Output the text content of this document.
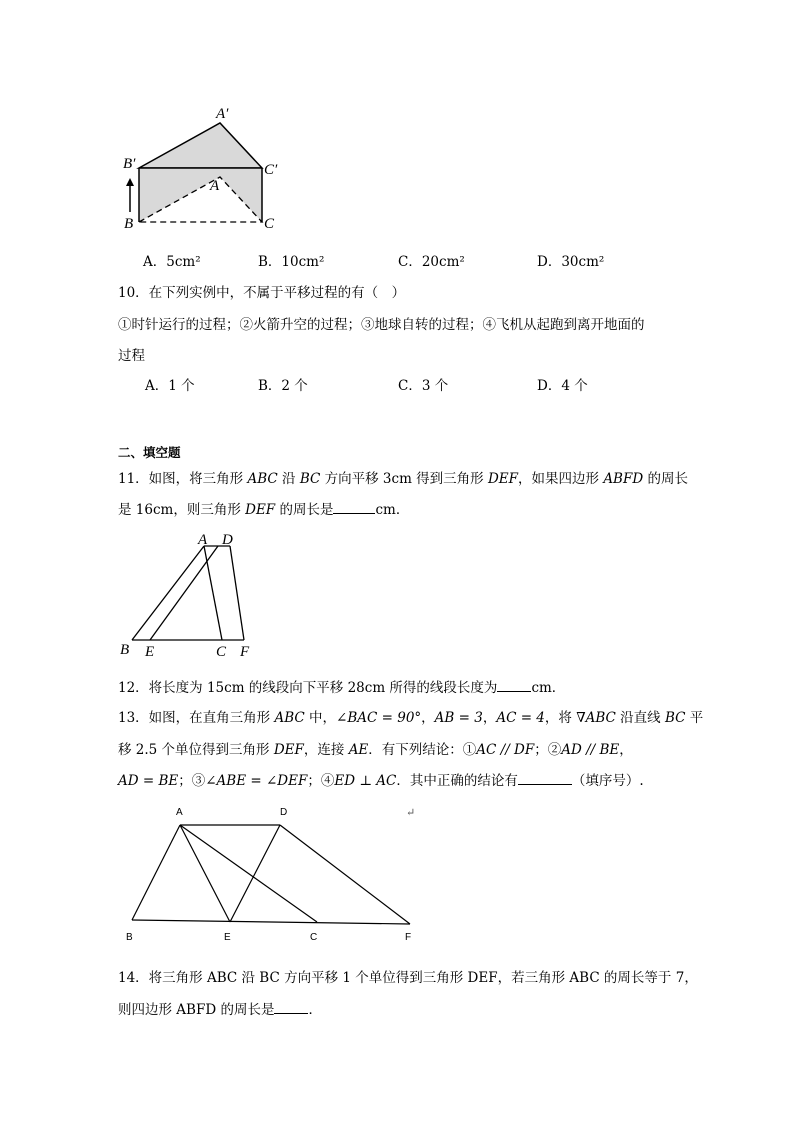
A′
B′	C′
A
B	C
A．5cm²	B．10cm²	C．20cm²	D．30cm²
10．在下列实例中，不属于平移过程的有（　）
①时针运行的过程；②火箭升空的过程；③地球自转的过程；④飞机从起跑到离开地面的
过程
A．1 个	B．2 个	C．3 个	D．4 个
二、填空题
11．如图，将三角形 ABC 沿 BC 方向平移 3cm 得到三角形 DEF，如果四边形 ABFD 的周长
是 16cm，则三角形 DEF 的周长是	cm．
A D
B E	C F
12．将长度为 15cm 的线段向下平移 28cm 所得的线段长度为	cm．
13．如图，在直角三角形 ABC 中，∠BAC = 90°，AB = 3，AC = 4，将 ∇ABC 沿直线 BC 平
移 2.5 个单位得到三角形 DEF，连接 AE．有下列结论：①AC // DF；②AD // BE，
AD = BE；③∠ABE = ∠DEF；④ED ⊥ AC．其中正确的结论有	（填序号）.
A	D
B	E	C	F
↵
14．将三角形 ABC 沿 BC 方向平移 1 个单位得到三角形 DEF，若三角形 ABC 的周长等于 7，
则四边形 ABFD 的周长是	．
